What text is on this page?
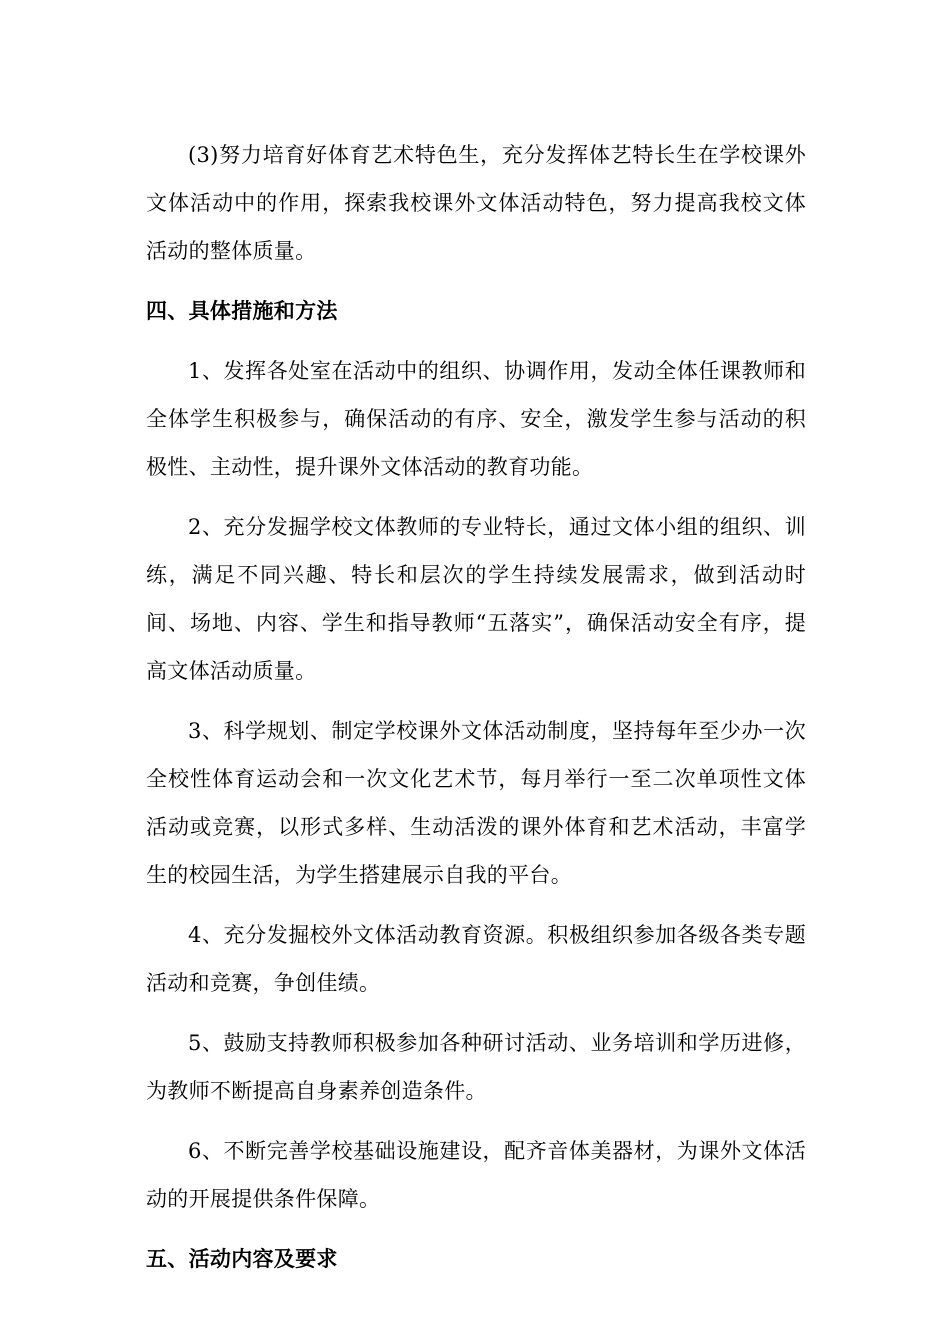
(3)努力培育好体育艺术特色生，充分发挥体艺特长生在学校课外文体活动中的作用，探索我校课外文体活动特色，努力提高我校文体活动的整体质量。

四、具体措施和方法

1、发挥各处室在活动中的组织、协调作用，发动全体任课教师和全体学生积极参与，确保活动的有序、安全，激发学生参与活动的积极性、主动性，提升课外文体活动的教育功能。

2、充分发掘学校文体教师的专业特长，通过文体小组的组织、训练，满足不同兴趣、特长和层次的学生持续发展需求，做到活动时间、场地、内容、学生和指导教师“五落实”，确保活动安全有序，提高文体活动质量。

3、科学规划、制定学校课外文体活动制度，坚持每年至少办一次全校性体育运动会和一次文化艺术节，每月举行一至二次单项性文体活动或竞赛，以形式多样、生动活泼的课外体育和艺术活动，丰富学生的校园生活，为学生搭建展示自我的平台。

4、充分发掘校外文体活动教育资源。积极组织参加各级各类专题活动和竞赛，争创佳绩。

5、鼓励支持教师积极参加各种研讨活动、业务培训和学历进修，为教师不断提高自身素养创造条件。

6、不断完善学校基础设施建设，配齐音体美器材，为课外文体活动的开展提供条件保障。

五、活动内容及要求
